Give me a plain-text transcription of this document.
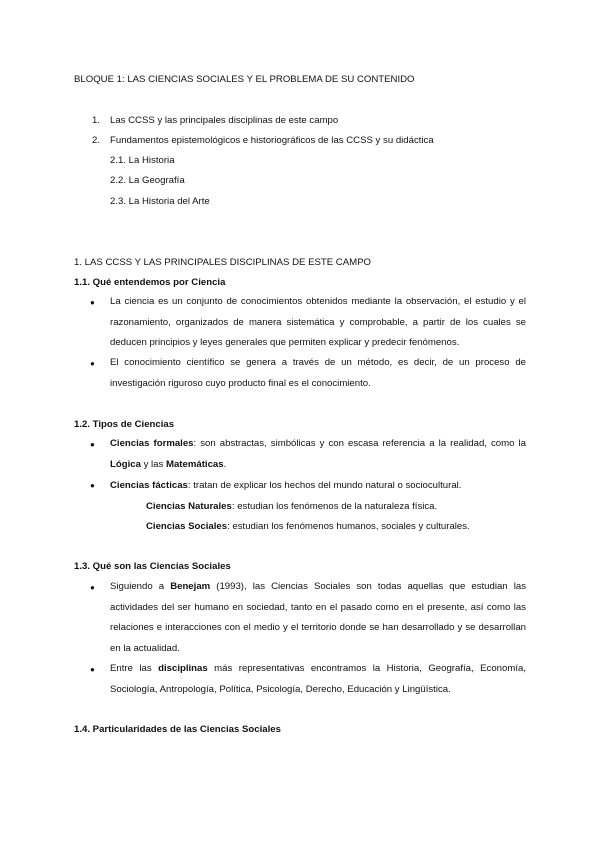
BLOQUE 1: LAS CIENCIAS SOCIALES Y EL PROBLEMA DE SU CONTENIDO
1. Las CCSS y las principales disciplinas de este campo
2. Fundamentos epistemológicos e historiográficos de las CCSS y su didáctica
2.1. La Historia
2.2. La Geografía
2.3. La Historia del Arte
1. LAS CCSS Y LAS PRINCIPALES DISCIPLINAS DE ESTE CAMPO
1.1. Qué entendemos por Ciencia
● La ciencia es un conjunto de conocimientos obtenidos mediante la observación, el estudio y el razonamiento, organizados de manera sistemática y comprobable, a partir de los cuales se deducen principios y leyes generales que permiten explicar y predecir fenómenos.
● El conocimiento científico se genera a través de un método, es decir, de un proceso de investigación riguroso cuyo producto final es el conocimiento.
1.2. Tipos de Ciencias
● Ciencias formales: son abstractas, simbólicas y con escasa referencia a la realidad, como la Lógica y las Matemáticas.
● Ciencias fácticas: tratan de explicar los hechos del mundo natural o sociocultural.
Ciencias Naturales: estudian los fenómenos de la naturaleza física.
Ciencias Sociales: estudian los fenómenos humanos, sociales y culturales.
1.3. Qué son las Ciencias Sociales
● Siguiendo a Benejam (1993), las Ciencias Sociales son todas aquellas que estudian las actividades del ser humano en sociedad, tanto en el pasado como en el presente, así como las relaciones e interacciones con el medio y el territorio donde se han desarrollado y se desarrollan en la actualidad.
● Entre las disciplinas más representativas encontramos la Historia, Geografía, Economía, Sociología, Antropología, Política, Psicología, Derecho, Educación y Lingüística.
1.4. Particularidades de las Ciencias Sociales
